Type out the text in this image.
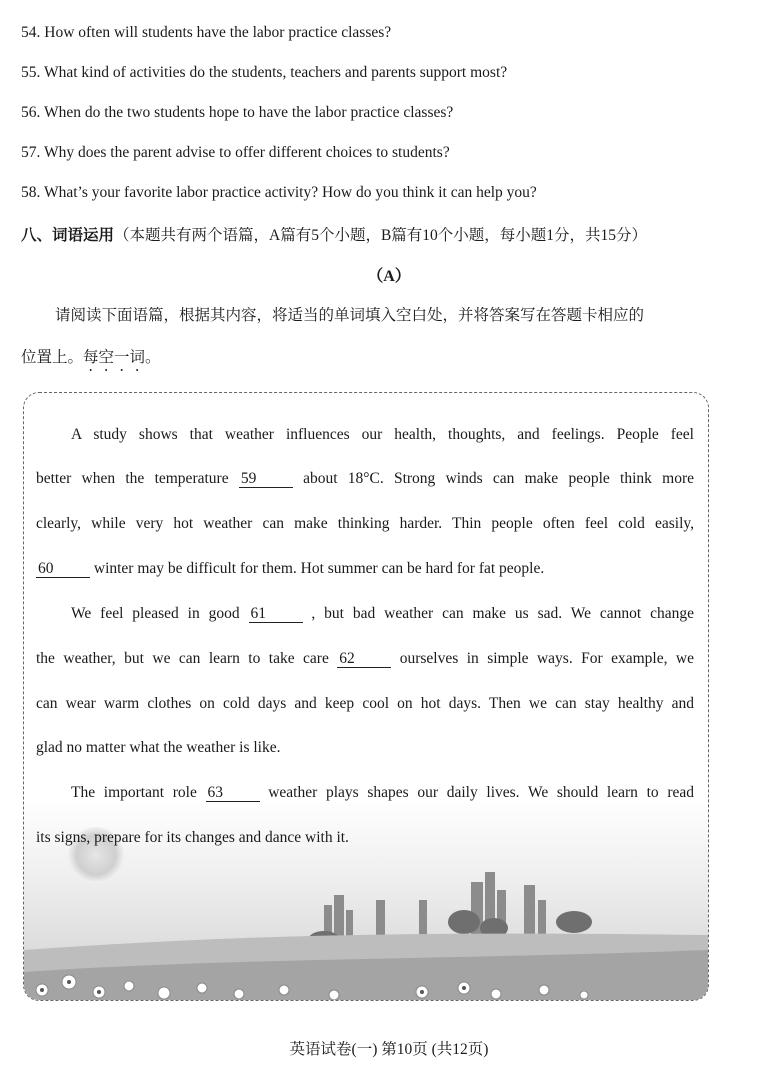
54. How often will students have the labor practice classes?
55. What kind of activities do the students, teachers and parents support most?
56. When do the two students hope to have the labor practice classes?
57. Why does the parent advise to offer different choices to students?
58. What’s your favorite labor practice activity? How do you think it can help you?
八、词语运用（本题共有两个语篇，A篇有5个小题，B篇有10个小题，每小题1分，共15分）
（A）
请阅读下面语篇，根据其内容，将适当的单词填入空白处，并将答案写在答题卡相应的
位置上。每空一词。
A study shows that weather influences our health, thoughts, and feelings. People feel
better when the temperature 59 about 18°C. Strong winds can make people think more
clearly, while very hot weather can make thinking harder. Thin people often feel cold easily,
60 winter may be difficult for them. Hot summer can be hard for fat people.
We feel pleased in good 61 , but bad weather can make us sad. We cannot change
the weather, but we can learn to take care 62 ourselves in simple ways. For example, we
can wear warm clothes on cold days and keep cool on hot days. Then we can stay healthy and
glad no matter what the weather is like.
The important role 63 weather plays shapes our daily lives. We should learn to read
its signs, prepare for its changes and dance with it.
英语试卷(一) 第10页 (共12页)
